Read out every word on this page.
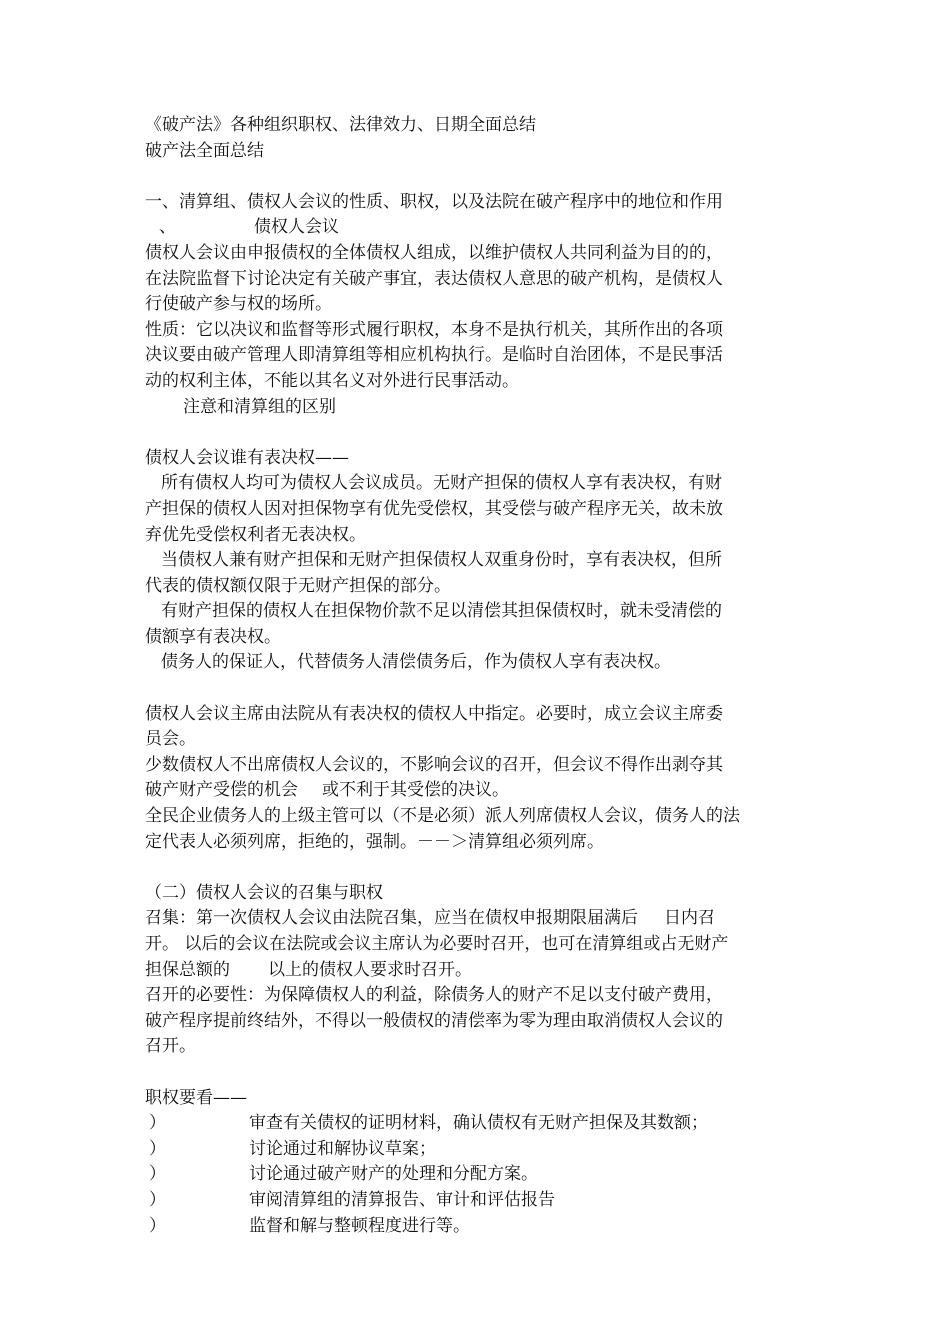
《破产法》各种组织职权、法律效力、日期全面总结
破产法全面总结
一、清算组、债权人会议的性质、职权，以及法院在破产程序中的地位和作用
、	债权人会议
债权人会议由申报债权的全体债权人组成，以维护债权人共同利益为目的的，
在法院监督下讨论决定有关破产事宜，表达债权人意思的破产机构，是债权人
行使破产参与权的场所。
性质：它以决议和监督等形式履行职权，本身不是执行机关，其所作出的各项
决议要由破产管理人即清算组等相应机构执行。是临时自治团体，不是民事活
动的权利主体，不能以其名义对外进行民事活动。
注意和清算组的区别
债权人会议谁有表决权——
所有债权人均可为债权人会议成员。无财产担保的债权人享有表决权，有财
产担保的债权人因对担保物享有优先受偿权，其受偿与破产程序无关，故未放
弃优先受偿权利者无表决权。
当债权人兼有财产担保和无财产担保债权人双重身份时，享有表决权，但所
代表的债权额仅限于无财产担保的部分。
有财产担保的债权人在担保物价款不足以清偿其担保债权时，就未受清偿的
债额享有表决权。
债务人的保证人，代替债务人清偿债务后，作为债权人享有表决权。
债权人会议主席由法院从有表决权的债权人中指定。必要时，成立会议主席委
员会。
少数债权人不出席债权人会议的，不影响会议的召开，但会议不得作出剥夺其
破产财产受偿的机会 或不利于其受偿的决议。
全民企业债务人的上级主管可以（不是必须）派人列席债权人会议，债务人的法
定代表人必须列席，拒绝的，强制。－－＞清算组必须列席。
（二）债权人会议的召集与职权
召集：第一次债权人会议由法院召集，应当在债权申报期限届满后 日内召
开。 以后的会议在法院或会议主席认为必要时召开，也可在清算组或占无财产
担保总额的 以上的债权人要求时召开。
召开的必要性：为保障债权人的利益，除债务人的财产不足以支付破产费用，
破产程序提前终结外，不得以一般债权的清偿率为零为理由取消债权人会议的
召开。
职权要看——
）	审查有关债权的证明材料，确认债权有无财产担保及其数额；
）	讨论通过和解协议草案；
）	讨论通过破产财产的处理和分配方案。
）	审阅清算组的清算报告、审计和评估报告
）	监督和解与整顿程度进行等。
